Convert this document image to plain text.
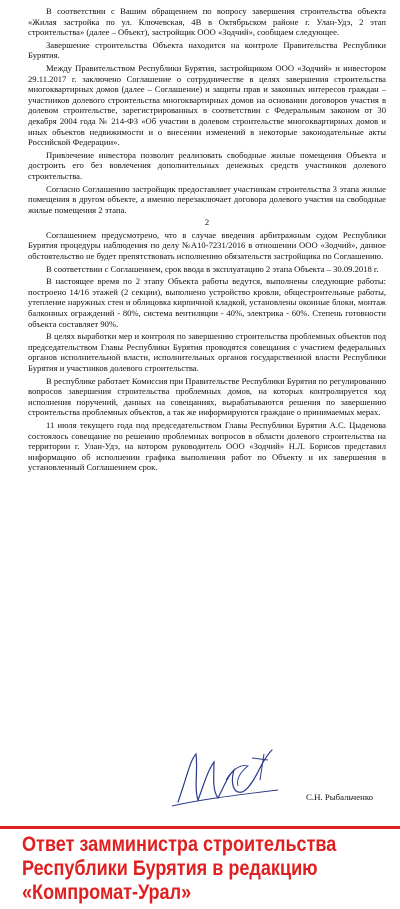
В соответствии с Вашим обращением по вопросу завершения строительства объекта «Жилая застройка по ул. Ключевская, 4В в Октябрьском районе г. Улан-Удэ, 2 этап строительства» (далее – Объект), застройщик ООО «Зодчий», сообщаем следующее.

Завершение строительства Объекта находится на контроле Правительства Республики Бурятия.

Между Правительством Республики Бурятия, застройщиком ООО «Зодчий» и инвестором 29.11.2017 г. заключено Соглашение о сотрудничестве в целях завершения строительства многоквартирных домов (далее – Соглашение) и защиты прав и законных интересов граждан – участников долевого строительства многоквартирных домов на основании договоров участия в долевом строительстве, зарегистрированных в соответствии с Федеральным законом от 30 декабря 2004 года № 214-ФЗ «Об участии в долевом строительстве многоквартирных домов и иных объектов недвижимости и о внесении изменений в некоторые законодательные акты Российской Федерации».

Привлечение инвестора позволит реализовать свободные жилые помещения Объекта и достроить его без вовлечения дополнительных денежных средств участников долевого строительства.

Согласно Соглашению застройщик предоставляет участникам строительства 3 этапа жилые помещения в другом объекте, а именно перезаключает договора долевого участия на свободные жилые помещения 2 этапа.

2

Соглашением предусмотрено, что в случае введения арбитражным судом Республики Бурятия процедуры наблюдения по делу №А10-7231/2016 в отношении ООО «Зодчий», данное обстоятельство не будет препятствовать исполнению обязательств застройщика по Соглашению.

В соответствии с Соглашением, срок ввода в эксплуатацию 2 этапа Объекта – 30.09.2018 г.

В настоящее время по 2 этапу Объекта работы ведутся, выполнены следующие работы: построено 14/16 этажей (2 секции), выполнено устройство кровли, общестроительные работы, утепление наружных стен и облицовка кирпичной кладкой, установлены оконные блоки, монтаж балконных ограждений - 80%, система вентиляции - 40%, электрика - 60%. Степень готовности объекта составляет 90%.

В целях выработки мер и контроля по завершению строительства проблемных объектов под председательством Главы Республики Бурятия проводятся совещания с участием федеральных органов исполнительной власти, исполнительных органов государственной власти Республики Бурятия и участников долевого строительства.

В республике работает Комиссия при Правительстве Республики Бурятия по регулированию вопросов завершения строительства проблемных домов, на которых контролируется ход исполнения поручений, данных на совещаниях, вырабатываются решения по завершению строительства проблемных объектов, а так же информируются граждане о принимаемых мерах.

11 июля текущего года под председательством Главы Республики Бурятия А.С. Цыденова состоялось совещание по решению проблемных вопросов в области долевого строительства на территории г. Улан-Удэ, на котором руководитель ООО «Зодчий» Н.Л. Борисов представил информацию об исполнении графика выполнения работ по Объекту и их завершения в установленный Соглашением срок.

С.Н. Рыбальченко
Ответ замминистра строительства
Республики Бурятия в редакцию
«Компромат-Урал»
